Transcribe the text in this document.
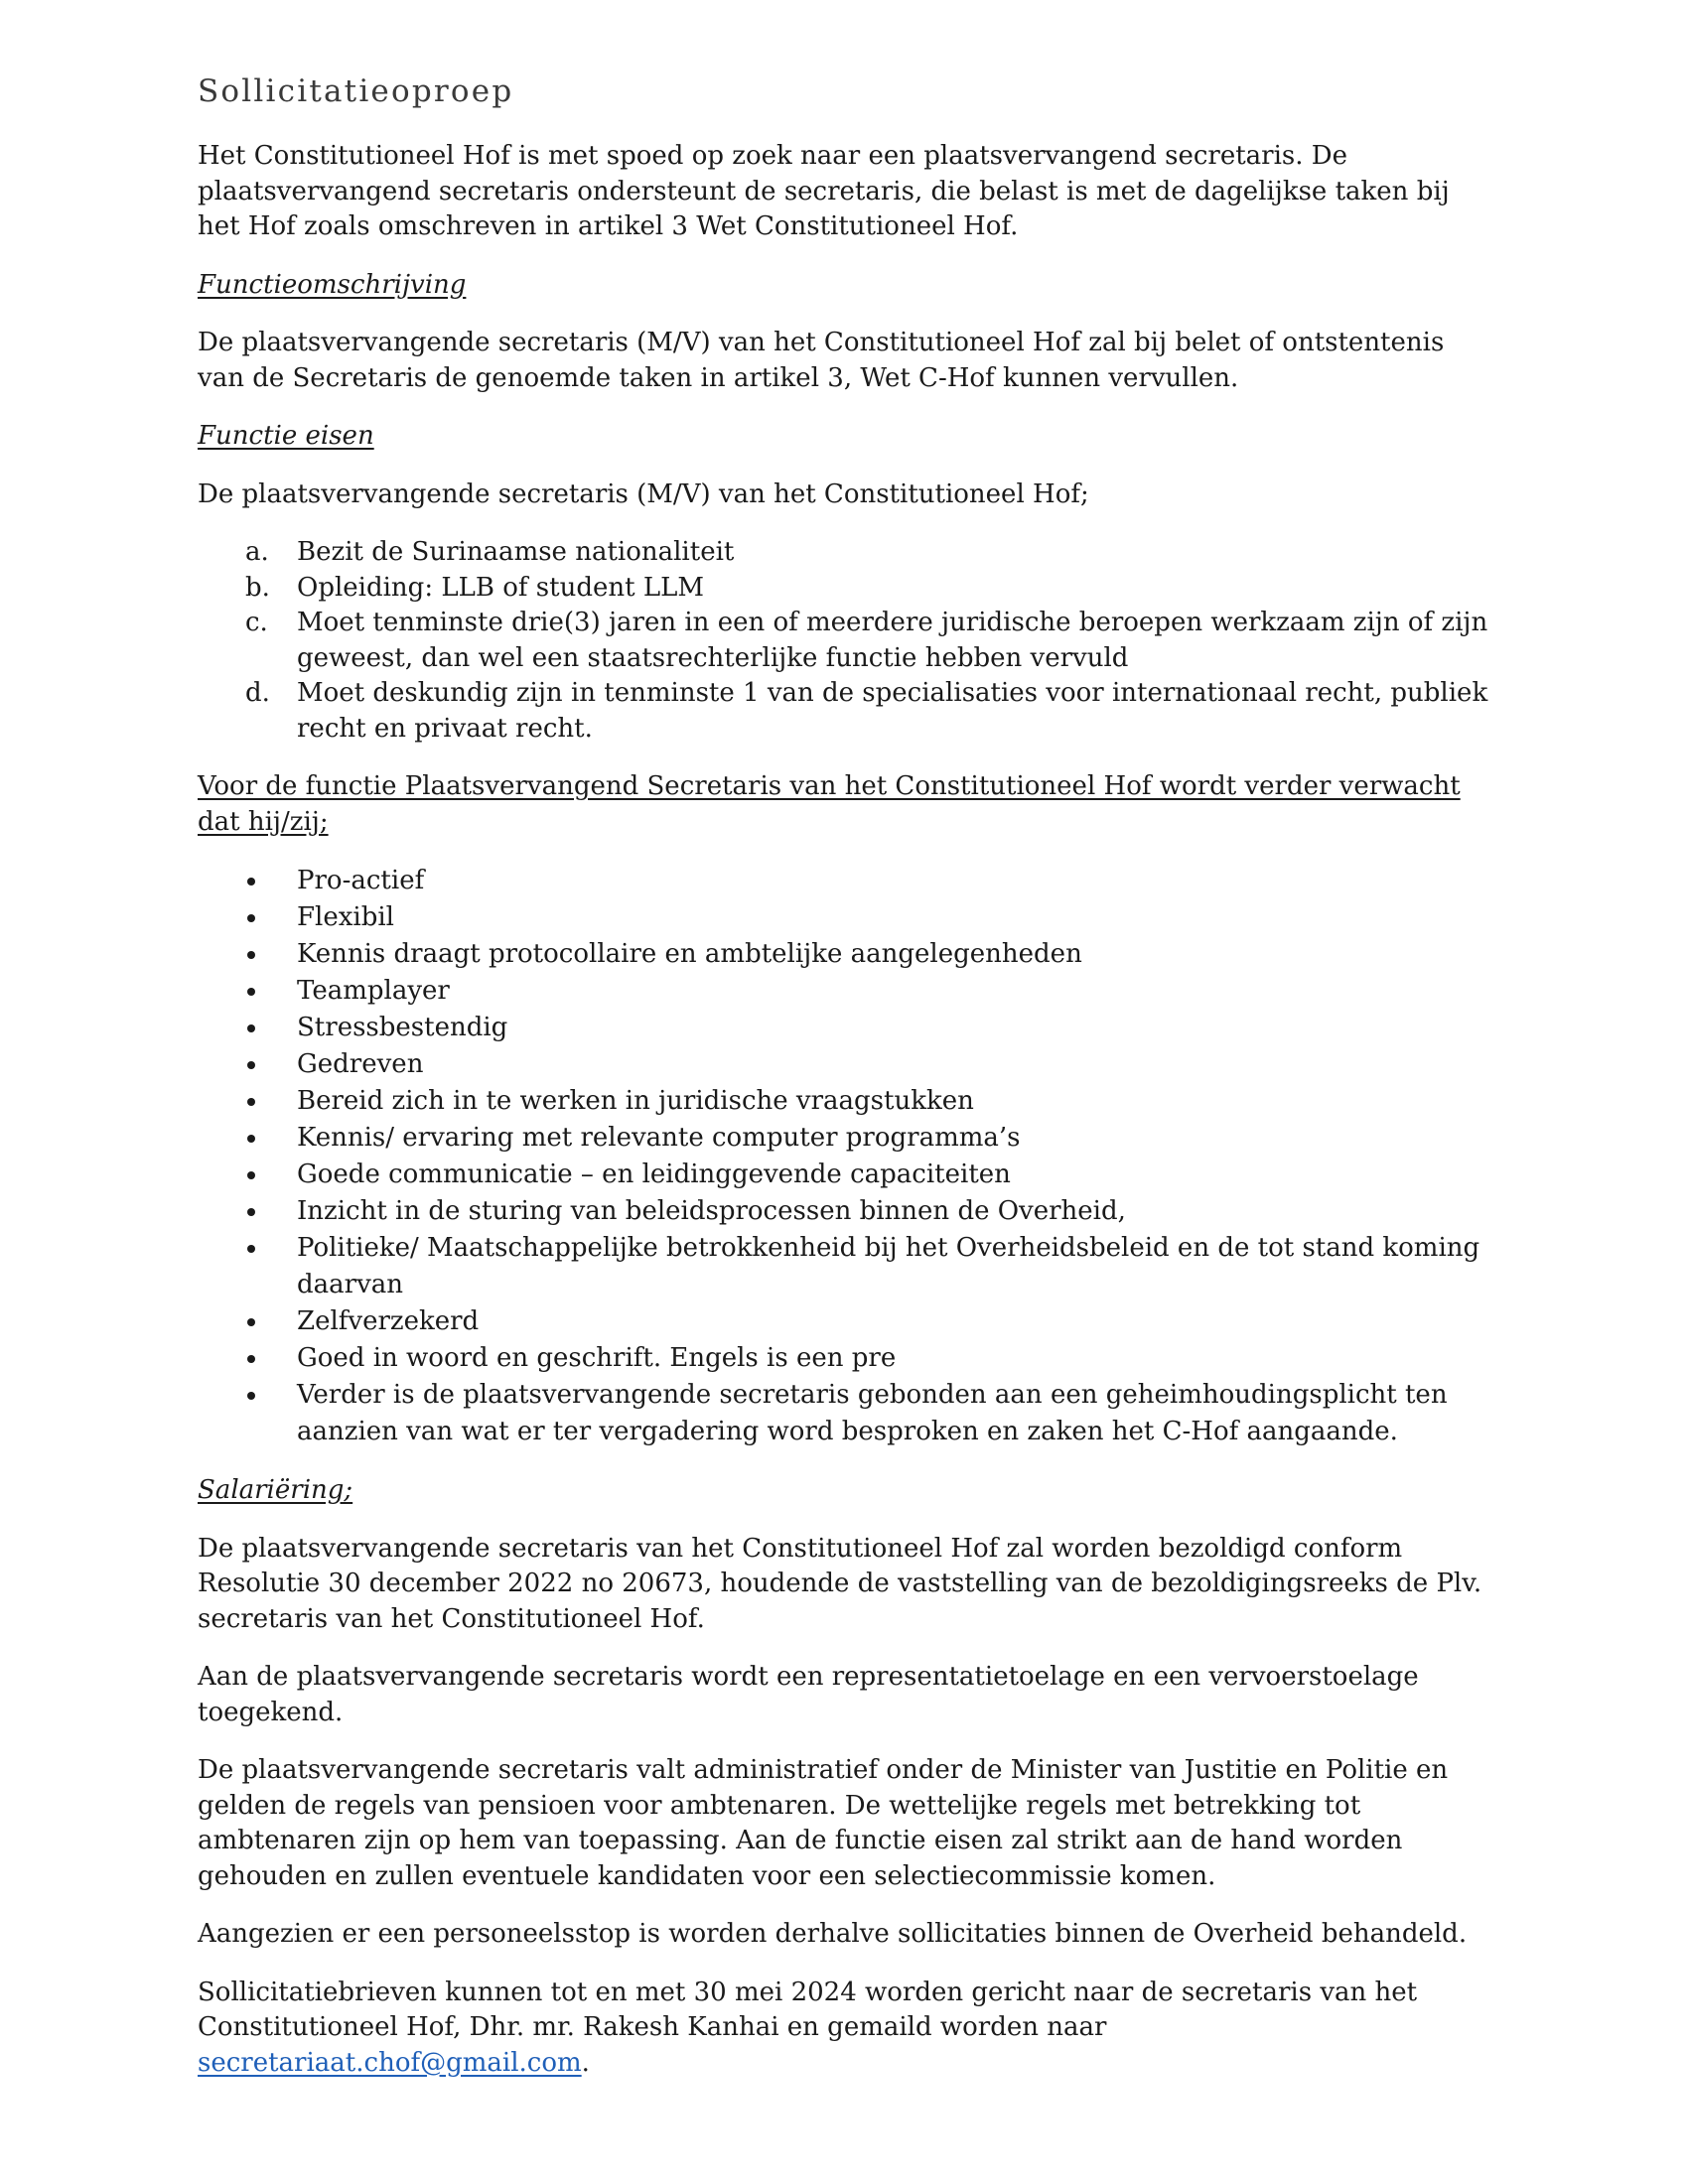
Sollicitatieoproep

Het Constitutioneel Hof is met spoed op zoek naar een plaatsvervangend secretaris. De plaatsvervangend secretaris ondersteunt de secretaris, die belast is met de dagelijkse taken bij het Hof zoals omschreven in artikel 3 Wet Constitutioneel Hof.

Functieomschrijving

De plaatsvervangende secretaris (M/V) van het Constitutioneel Hof zal bij belet of ontstentenis van de Secretaris de genoemde taken in artikel 3, Wet C-Hof kunnen vervullen.

Functie eisen

De plaatsvervangende secretaris (M/V) van het Constitutioneel Hof;

a. Bezit de Surinaamse nationaliteit
b. Opleiding: LLB of student LLM
c. Moet tenminste drie(3) jaren in een of meerdere juridische beroepen werkzaam zijn of zijn geweest, dan wel een staatsrechterlijke functie hebben vervuld
d. Moet deskundig zijn in tenminste 1 van de specialisaties voor internationaal recht, publiek recht en privaat recht.

Voor de functie Plaatsvervangend Secretaris van het Constitutioneel Hof wordt verder verwacht dat hij/zij;

Pro-actief
Flexibil
Kennis draagt protocollaire en ambtelijke aangelegenheden
Teamplayer
Stressbestendig
Gedreven
Bereid zich in te werken in juridische vraagstukken
Kennis/ ervaring met relevante computer programma’s
Goede communicatie – en leidinggevende capaciteiten
Inzicht in de sturing van beleidsprocessen binnen de Overheid,
Politieke/ Maatschappelijke betrokkenheid bij het Overheidsbeleid en de tot stand koming daarvan
Zelfverzekerd
Goed in woord en geschrift. Engels is een pre
Verder is de plaatsvervangende secretaris gebonden aan een geheimhoudingsplicht ten aanzien van wat er ter vergadering word besproken en zaken het C-Hof aangaande.

Salariëring;

De plaatsvervangende secretaris van het Constitutioneel Hof zal worden bezoldigd conform Resolutie 30 december 2022 no 20673, houdende de vaststelling van de bezoldigingsreeks de Plv. secretaris van het Constitutioneel Hof.

Aan de plaatsvervangende secretaris wordt een representatietoelage en een vervoerstoelage toegekend.

De plaatsvervangende secretaris valt administratief onder de Minister van Justitie en Politie en gelden de regels van pensioen voor ambtenaren. De wettelijke regels met betrekking tot ambtenaren zijn op hem van toepassing. Aan de functie eisen zal strikt aan de hand worden gehouden en zullen eventuele kandidaten voor een selectiecommissie komen.

Aangezien er een personeelsstop is worden derhalve sollicitaties binnen de Overheid behandeld.

Sollicitatiebrieven kunnen tot en met 30 mei 2024 worden gericht naar de secretaris van het Constitutioneel Hof, Dhr. mr. Rakesh Kanhai en gemaild worden naar secretariaat.chof@gmail.com.
